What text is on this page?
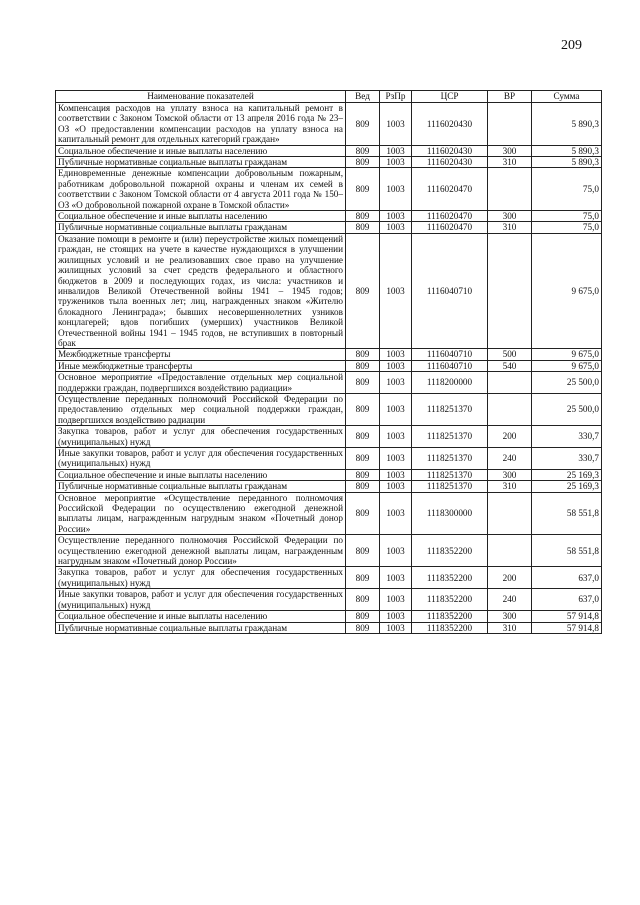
209
Наименование показателей	Вед	РзПр	ЦСР	ВР	Сумма
Компенсация расходов на уплату взноса на капитальный ремонт в соответствии с Законом Томской области от 13 апреля 2016 года № 23–ОЗ «О предоставлении компенсации расходов на уплату взноса на капитальный ремонт для отдельных категорий граждан»	809	1003	1116020430		5 890,3
Социальное обеспечение и иные выплаты населению	809	1003	1116020430	300	5 890,3
Публичные нормативные социальные выплаты гражданам	809	1003	1116020430	310	5 890,3
Единовременные денежные компенсации добровольным пожарным, работникам добровольной пожарной охраны и членам их семей в соответствии с Законом Томской области от 4 августа 2011 года № 150–ОЗ «О добровольной пожарной охране в Томской области»	809	1003	1116020470		75,0
Социальное обеспечение и иные выплаты населению	809	1003	1116020470	300	75,0
Публичные нормативные социальные выплаты гражданам	809	1003	1116020470	310	75,0
Оказание помощи в ремонте и (или) переустройстве жилых помещений граждан, не стоящих на учете в качестве нуждающихся в улучшении жилищных условий и не реализовавших свое право на улучшение жилищных условий за счет средств федерального и областного бюджетов в 2009 и последующих годах, из числа: участников и инвалидов Великой Отечественной войны 1941 – 1945 годов; тружеников тыла военных лет; лиц, награжденных знаком «Жителю блокадного Ленинграда»; бывших несовершеннолетних узников концлагерей; вдов погибших (умерших) участников Великой Отечественной войны 1941 – 1945 годов, не вступивших в повторный брак	809	1003	1116040710		9 675,0
Межбюджетные трансферты	809	1003	1116040710	500	9 675,0
Иные межбюджетные трансферты	809	1003	1116040710	540	9 675,0
Основное мероприятие «Предоставление отдельных мер социальной поддержки граждан, подвергшихся воздействию радиации»	809	1003	1118200000		25 500,0
Осуществление переданных полномочий Российской Федерации по предоставлению отдельных мер социальной поддержки граждан, подвергшихся воздействию радиации	809	1003	1118251370		25 500,0
Закупка товаров, работ и услуг для обеспечения государственных (муниципальных) нужд	809	1003	1118251370	200	330,7
Иные закупки товаров, работ и услуг для обеспечения государственных (муниципальных) нужд	809	1003	1118251370	240	330,7
Социальное обеспечение и иные выплаты населению	809	1003	1118251370	300	25 169,3
Публичные нормативные социальные выплаты гражданам	809	1003	1118251370	310	25 169,3
Основное мероприятие «Осуществление переданного полномочия Российской Федерации по осуществлению ежегодной денежной выплаты лицам, награжденным нагрудным знаком «Почетный донор России»	809	1003	1118300000		58 551,8
Осуществление переданного полномочия Российской Федерации по осуществлению ежегодной денежной выплаты лицам, награжденным нагрудным знаком «Почетный донор России»	809	1003	1118352200		58 551,8
Закупка товаров, работ и услуг для обеспечения государственных (муниципальных) нужд	809	1003	1118352200	200	637,0
Иные закупки товаров, работ и услуг для обеспечения государственных (муниципальных) нужд	809	1003	1118352200	240	637,0
Социальное обеспечение и иные выплаты населению	809	1003	1118352200	300	57 914,8
Публичные нормативные социальные выплаты гражданам	809	1003	1118352200	310	57 914,8
